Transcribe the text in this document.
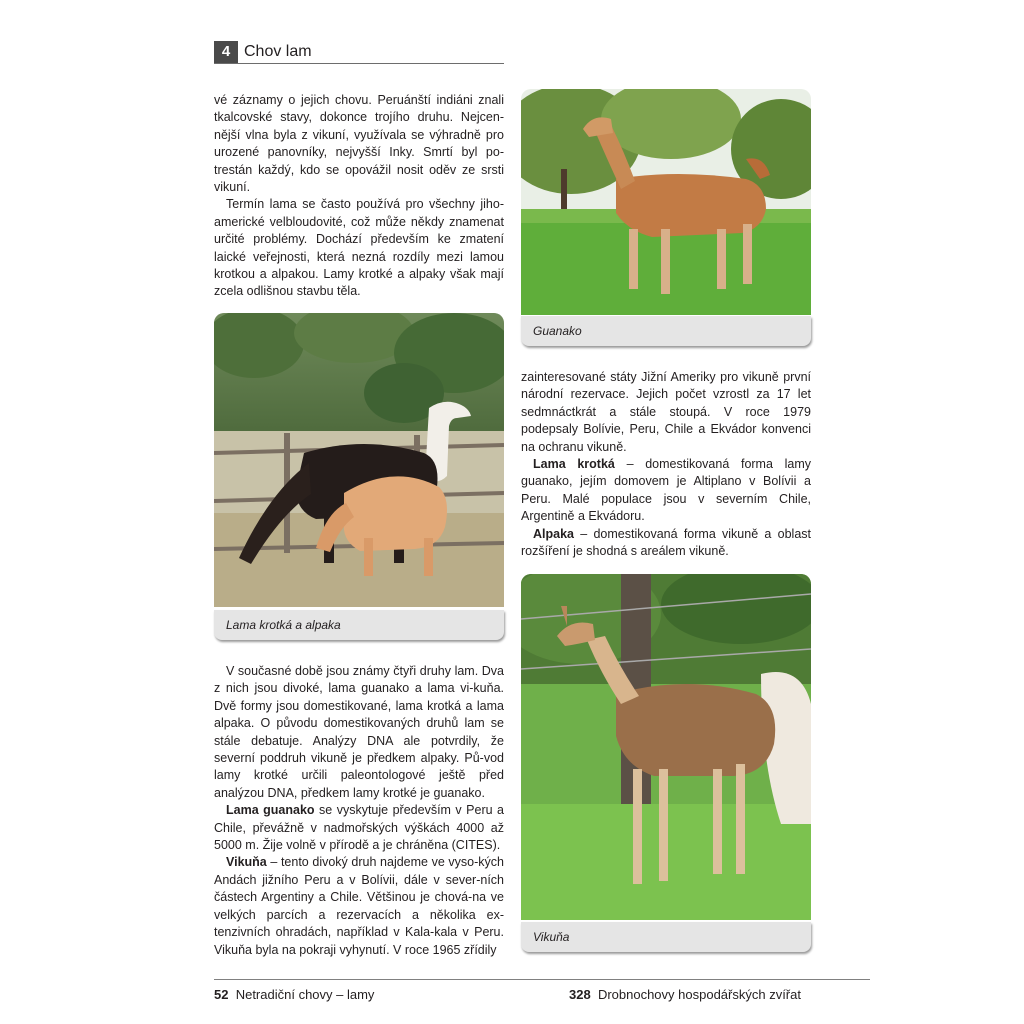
4 Chov lam

vé záznamy o jejich chovu. Peruánští indiáni znali tkalcovské stavy, dokonce trojího druhu. Nejcen-nější vlna byla z vikuní, využívala se výhradně pro urozené panovníky, nejvyšší Inky. Smrtí byl po-trestán každý, kdo se opovážil nosit oděv ze srsti vikuní.

Termín lama se často používá pro všechny jiho-americké velbloudovité, což může někdy znamenat určité problémy. Dochází především ke zmatení laické veřejnosti, která nezná rozdíly mezi lamou krotkou a alpakou. Lamy krotké a alpaky však mají zcela odlišnou stavbu těla.

Lama krotká a alpaka

V současné době jsou známy čtyři druhy lam. Dva z nich jsou divoké, lama guanako a lama vi-kuňa. Dvě formy jsou domestikované, lama krotká a lama alpaka. O původu domestikovaných druhů lam se stále debatuje. Analýzy DNA ale potvrdily, že severní poddruh vikuně je předkem alpaky. Pů-vod lamy krotké určili paleontologové ještě před analýzou DNA, předkem lamy krotké je guanako.

Lama guanako se vyskytuje především v Peru a Chile, převážně v nadmořských výškách 4000 až 5000 m. Žije volně v přírodě a je chráněna (CITES).

Vikuňa – tento divoký druh najdeme ve vyso-kých Andách jižního Peru a v Bolívii, dále v sever-ních částech Argentiny a Chile. Většinou je chová-na ve velkých parcích a rezervacích a několika ex-tenzivních ohradách, například v Kala-kala v Peru. Vikuňa byla na pokraji vyhynutí. V roce 1965 zřídily

Guanako

zainteresované státy Jižní Ameriky pro vikuně první národní rezervace. Jejich počet vzrostl za 17 let sedmnáctkrát a stále stoupá. V roce 1979 podepsaly Bolívie, Peru, Chile a Ekvádor konvenci na ochranu vikuně.

Lama krotká – domestikovaná forma lamy guanako, jejím domovem je Altiplano v Bolívii a Peru. Malé populace jsou v severním Chile, Argentině a Ekvádoru.

Alpaka – domestikovaná forma vikuně a oblast rozšíření je shodná s areálem vikuně.

Vikuňa
52 Netradiční chovy – lamy	328 Drobnochovy hospodářských zvířat
